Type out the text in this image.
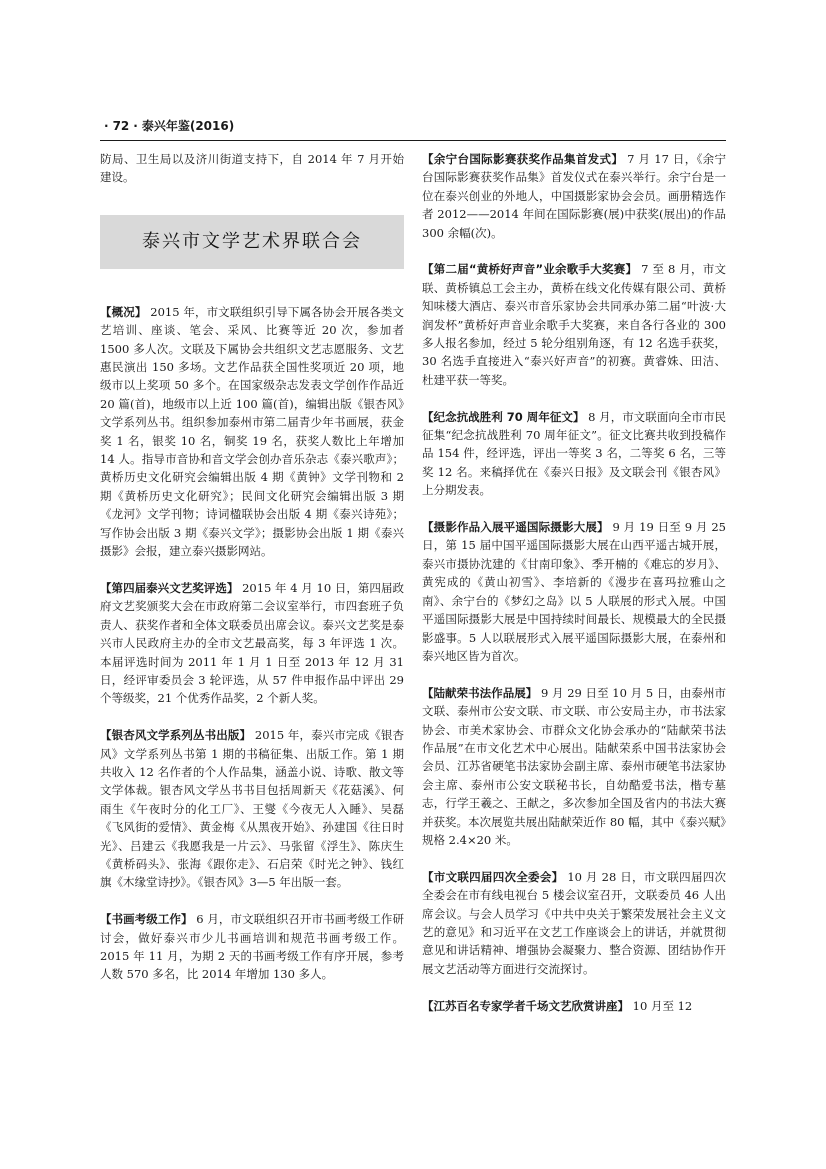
· 72 · 泰兴年鉴(2016)

防局、卫生局以及济川街道支持下，自 2014 年 7 月开始建设。

泰兴市文学艺术界联合会

【概况】 2015 年，市文联组织引导下属各协会开展各类文艺培训、座谈、笔会、采风、比赛等近 20 次，参加者 1500 多人次。文联及下属协会共组织文艺志愿服务、文艺惠民演出 150 多场。文艺作品获全国性奖项近 20 项，地级市以上奖项 50 多个。在国家级杂志发表文学创作作品近 20 篇(首)，地级市以上近 100 篇(首)，编辑出版《银杏风》文学系列丛书。组织参加泰州市第二届青少年书画展，获金奖 1 名，银奖 10 名，铜奖 19 名，获奖人数比上年增加 14 人。指导市音协和音文学会创办音乐杂志《泰兴歌声》；黄桥历史文化研究会编辑出版 4 期《黄钟》文学刊物和 2 期《黄桥历史文化研究》；民间文化研究会编辑出版 3 期《龙河》文学刊物；诗词楹联协会出版 4 期《泰兴诗苑》；写作协会出版 3 期《泰兴文学》；摄影协会出版 1 期《泰兴摄影》会报，建立泰兴摄影网站。

【第四届泰兴文艺奖评选】 2015 年 4 月 10 日，第四届政府文艺奖颁奖大会在市政府第二会议室举行，市四套班子负责人、获奖作者和全体文联委员出席会议。泰兴文艺奖是泰兴市人民政府主办的全市文艺最高奖，每 3 年评选 1 次。本届评选时间为 2011 年 1 月 1 日至 2013 年 12 月 31 日，经评审委员会 3 轮评选，从 57 件申报作品中评出 29 个等级奖，21 个优秀作品奖，2 个新人奖。

【银杏风文学系列丛书出版】 2015 年，泰兴市完成《银杏风》文学系列丛书第 1 期的书稿征集、出版工作。第 1 期共收入 12 名作者的个人作品集，涵盖小说、诗歌、散文等文学体裁。银杏风文学丛书书目包括周新天《花菇溪》、何雨生《午夜时分的化工厂》、王燮《今夜无人入睡》、吴磊《飞风街的爱情》、黄金梅《从黑夜开始》、孙建国《往日时光》、吕建云《我愿我是一片云》、马张留《浮生》、陈庆生《黄桥码头》、张海《跟你走》、石启荣《时光之钟》、钱红旗《木缘堂诗抄》。《银杏风》3—5 年出版一套。

【书画考级工作】 6 月，市文联组织召开市书画考级工作研讨会，做好泰兴市少儿书画培训和规范书画考级工作。2015 年 11 月，为期 2 天的书画考级工作有序开展，参考人数 570 多名，比 2014 年增加 130 多人。

【余宁台国际影赛获奖作品集首发式】 7 月 17 日，《余宁台国际影赛获奖作品集》首发仪式在泰兴举行。余宁台是一位在泰兴创业的外地人，中国摄影家协会会员。画册精选作者 2012——2014 年间在国际影赛(展)中获奖(展出)的作品 300 余幅(次)。

【第二届“黄桥好声音”业余歌手大奖赛】 7 至 8 月，市文联、黄桥镇总工会主办，黄桥在线文化传媒有限公司、黄桥知味楼大酒店、泰兴市音乐家协会共同承办第二届“叶波·大润发杯”黄桥好声音业余歌手大奖赛，来自各行各业的 300 多人报名参加，经过 5 轮分组别角逐，有 12 名选手获奖，30 名选手直接进入“泰兴好声音”的初赛。黄睿姝、田洁、杜建平获一等奖。

【纪念抗战胜利 70 周年征文】 8 月，市文联面向全市市民征集“纪念抗战胜利 70 周年征文”。征文比赛共收到投稿作品 154 件，经评选，评出一等奖 3 名，二等奖 6 名，三等奖 12 名。来稿择优在《泰兴日报》及文联会刊《银杏风》上分期发表。

【摄影作品入展平遥国际摄影大展】 9 月 19 日至 9 月 25 日，第 15 届中国平遥国际摄影大展在山西平遥古城开展，泰兴市摄协沈建的《甘南印象》、季开楠的《难忘的岁月》、黄宪成的《黄山初雪》、李培新的《漫步在喜玛拉雅山之南》、余宁台的《梦幻之岛》以 5 人联展的形式入展。中国平遥国际摄影大展是中国持续时间最长、规模最大的全民摄影盛事。5 人以联展形式入展平遥国际摄影大展，在泰州和泰兴地区皆为首次。

【陆献荣书法作品展】 9 月 29 日至 10 月 5 日，由泰州市文联、泰州市公安文联、市文联、市公安局主办，市书法家协会、市美术家协会、市群众文化协会承办的“陆献荣书法作品展”在市文化艺术中心展出。陆献荣系中国书法家协会会员、江苏省硬笔书法家协会副主席、泰州市硬笔书法家协会主席、泰州市公安文联秘书长，自幼酷爱书法，楷专墓志，行学王羲之、王献之，多次参加全国及省内的书法大赛并获奖。本次展览共展出陆献荣近作 80 幅，其中《泰兴赋》规格 2.4×20 米。

【市文联四届四次全委会】 10 月 28 日，市文联四届四次全委会在市有线电视台 5 楼会议室召开，文联委员 46 人出席会议。与会人员学习《中共中央关于繁荣发展社会主义文艺的意见》和习近平在文艺工作座谈会上的讲话，并就贯彻意见和讲话精神、增强协会凝聚力、整合资源、团结协作开展文艺活动等方面进行交流探讨。

【江苏百名专家学者千场文艺欣赏讲座】 10 月至 12
